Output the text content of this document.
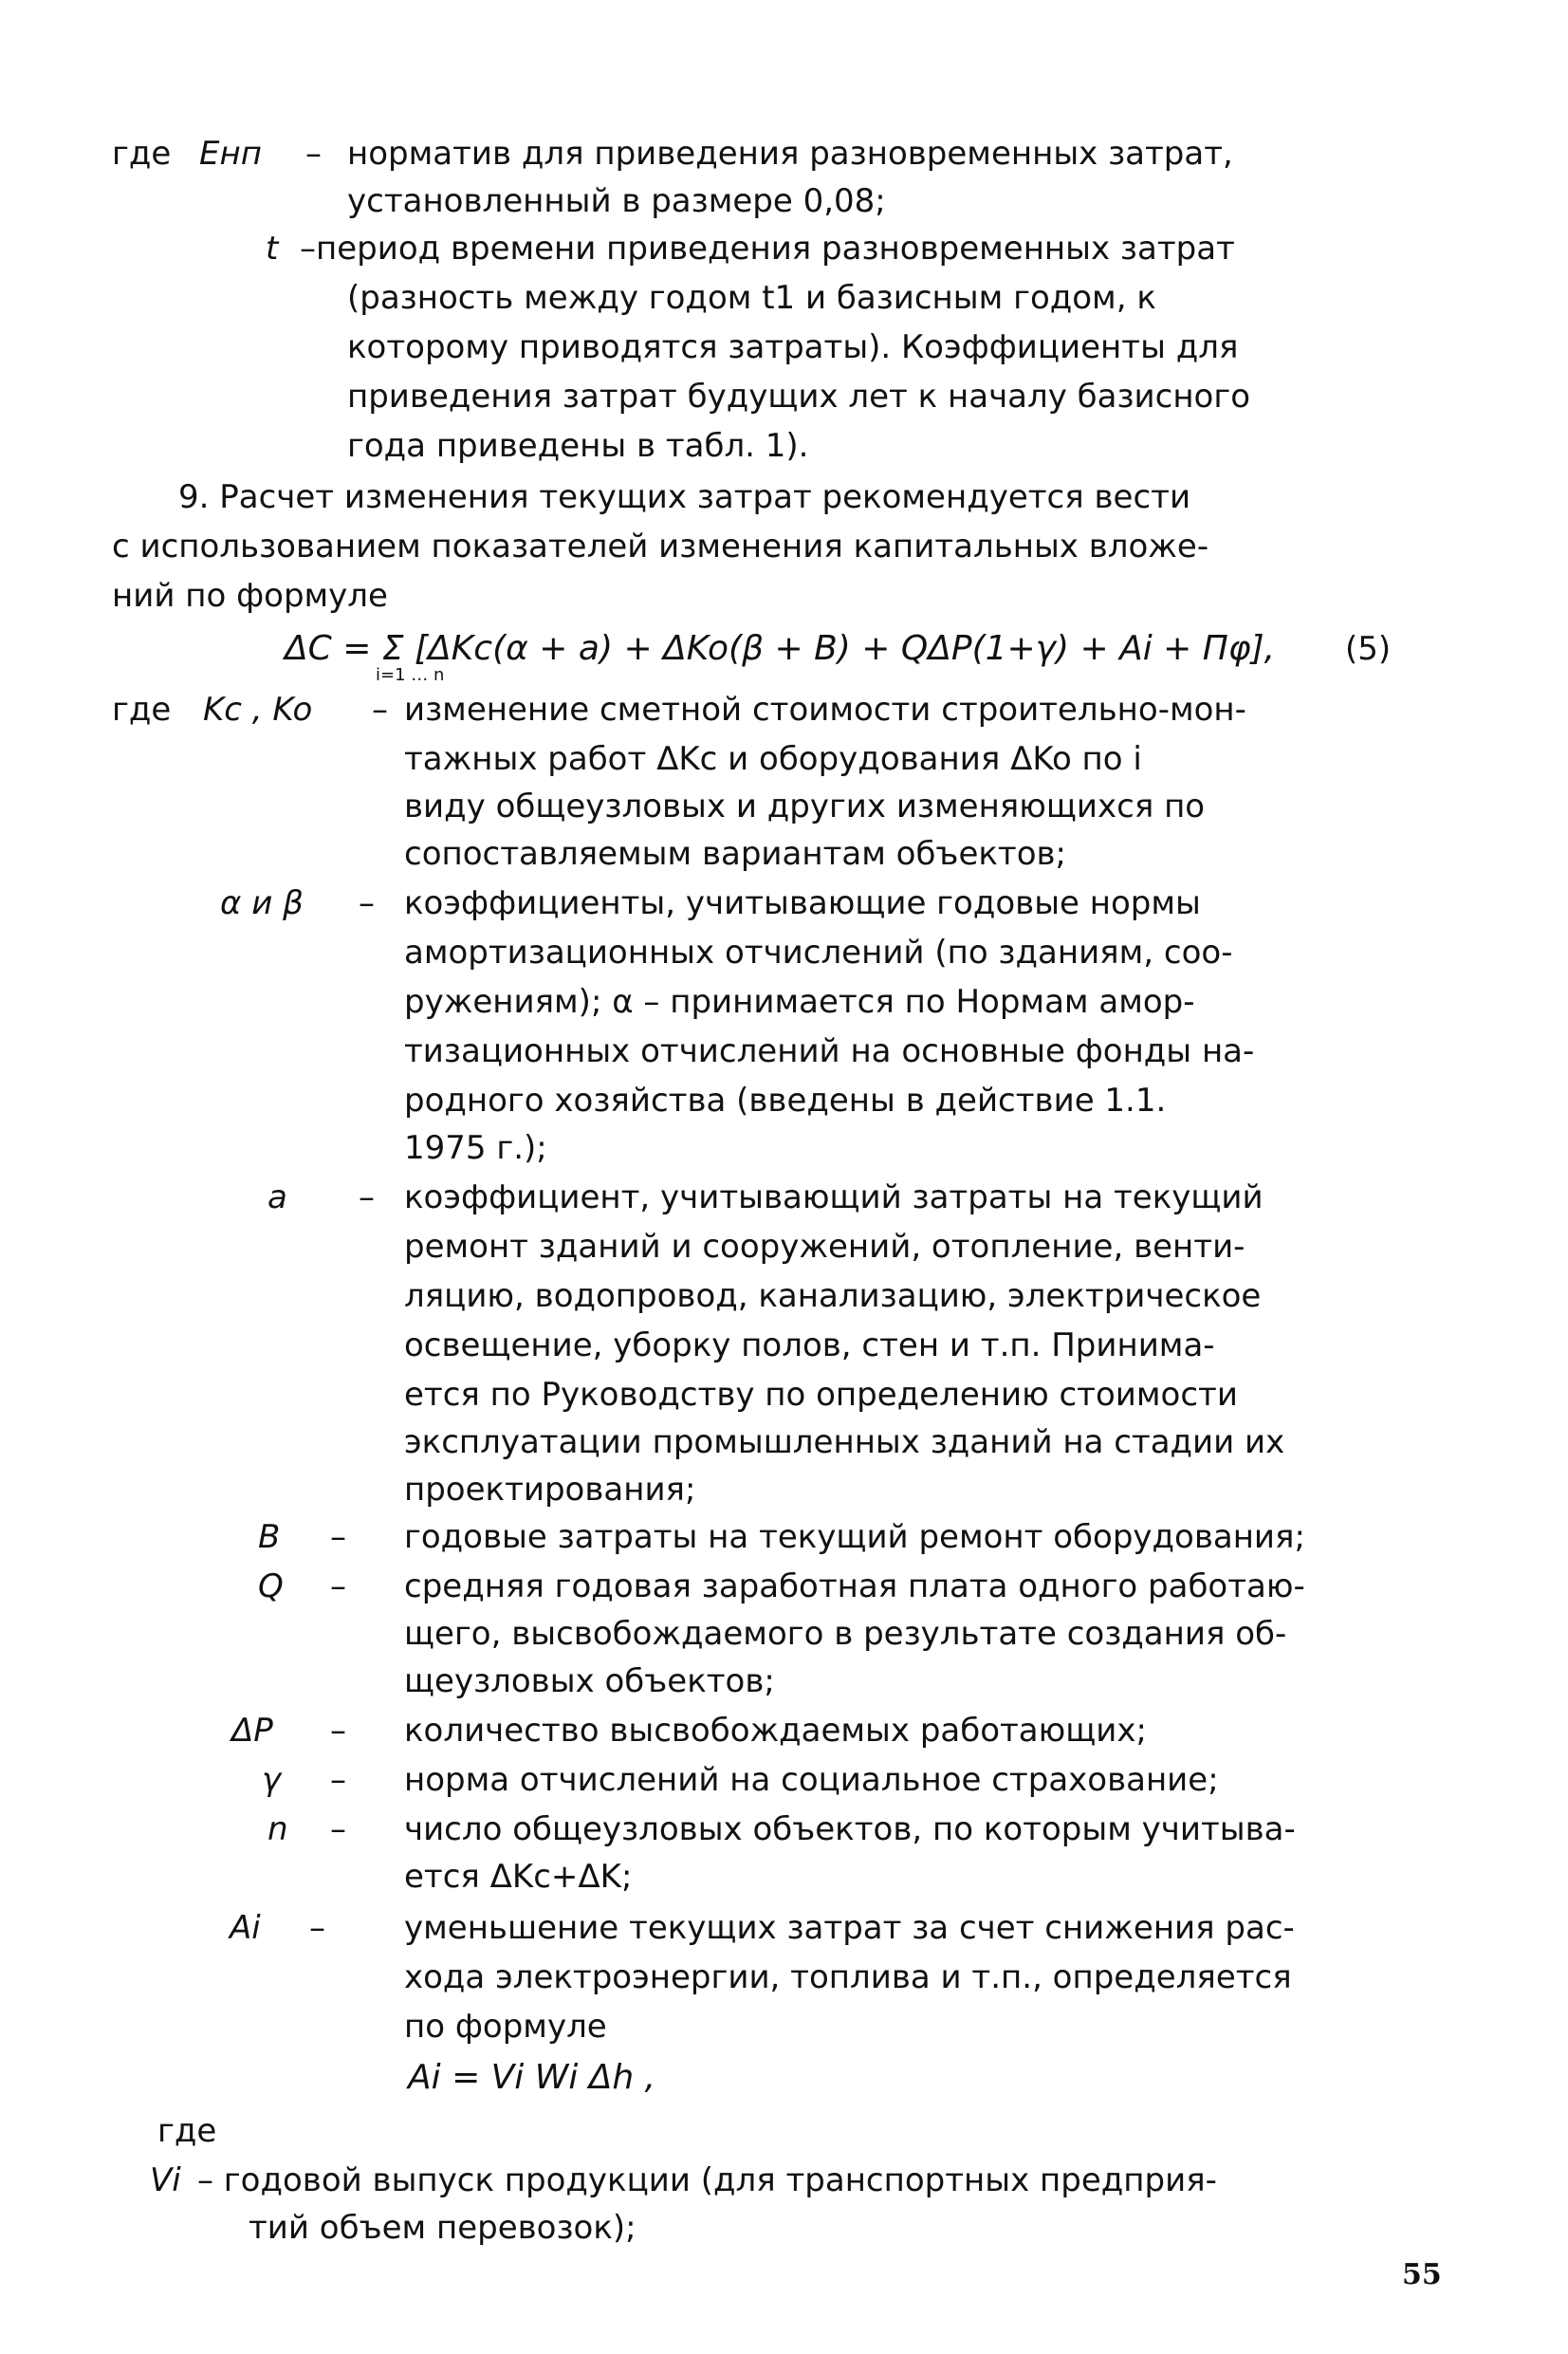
где Eнп – норматив для приведения разновременных затрат,
установленный в размере 0,08;
t –период времени приведения разновременных затрат
(разность между годом t1 и базисным годом, к
которому приводятся затраты). Коэффициенты для
приведения затрат будущих лет к началу базисного
года приведены в табл. 1).
9. Расчет изменения текущих затрат рекомендуется вести
с использованием показателей изменения капитальных вложе-
ний по формуле
ΔC = Σ [ΔKc(α + a) + ΔKo(β + B) + QΔP(1+γ) + Ai + Пφ],
i=1 … n
(5)
где Kc , Ko – изменение сметной стоимости строительно-мон-
тажных работ ΔKc и оборудования ΔKo по i
виду общеузловых и других изменяющихся по
сопоставляемым вариантам объектов;
α и β – коэффициенты, учитывающие годовые нормы
амортизационных отчислений (по зданиям, соо-
ружениям); α – принимается по Нормам амор-
тизационных отчислений на основные фонды на-
родного хозяйства (введены в действие 1.1.
1975 г.);
a – коэффициент, учитывающий затраты на текущий
ремонт зданий и сооружений, отопление, венти-
ляцию, водопровод, канализацию, электрическое
освещение, уборку полов, стен и т.п. Принима-
ется по Руководству по определению стоимости
эксплуатации промышленных зданий на стадии их
проектирования;
B – годовые затраты на текущий ремонт оборудования;
Q – средняя годовая заработная плата одного работаю-
щего, высвобождаемого в результате создания об-
щеузловых объектов;
ΔP – количество высвобождаемых работающих;
γ – норма отчислений на социальное страхование;
n – число общеузловых объектов, по которым учитыва-
ется ΔKc+ΔK;
Ai – уменьшение текущих затрат за счет снижения рас-
хода электроэнергии, топлива и т.п., определяется
по формуле
Ai = Vi Wi Δh ,
где
Vi – годовой выпуск продукции (для транспортных предприя-
тий объем перевозок);
55
